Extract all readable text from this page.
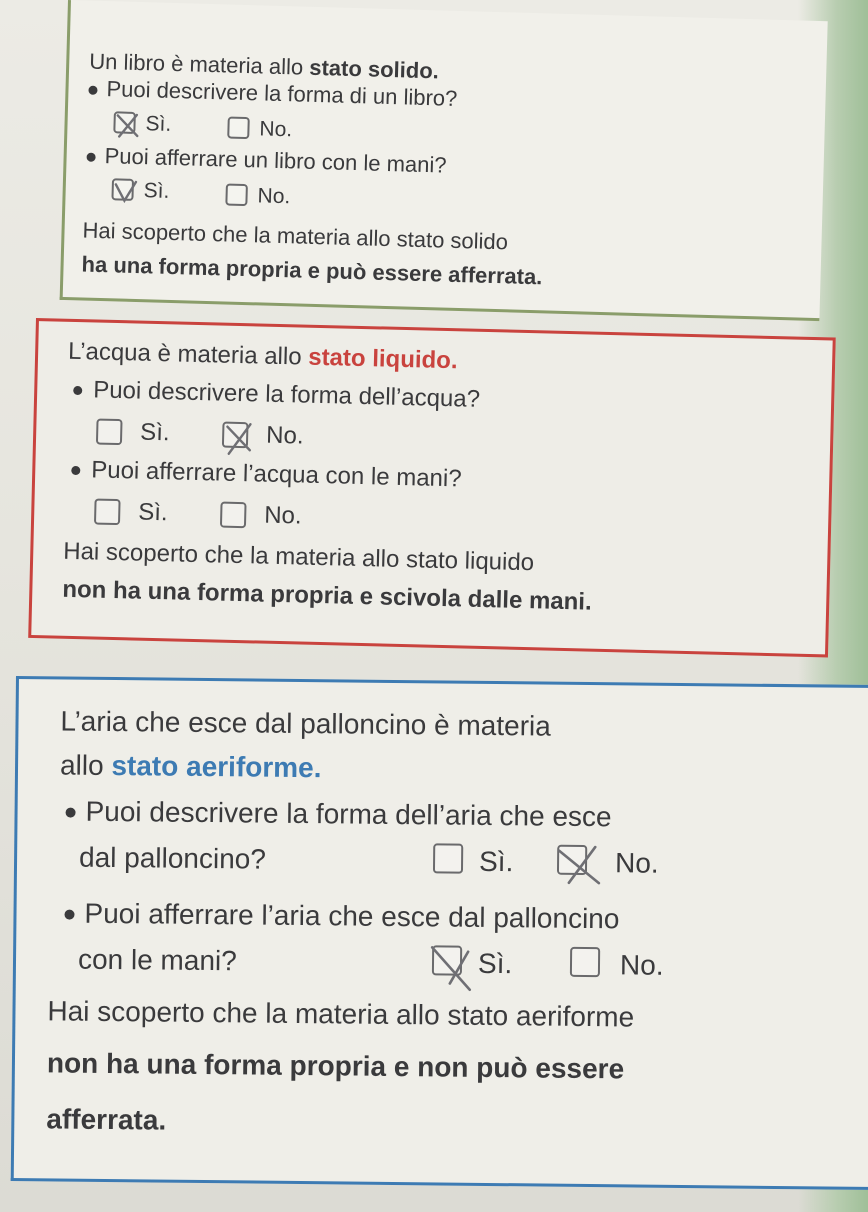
Un libro è materia allo stato solido.
Puoi descrivere la forma di un libro?
Sì.	No.
Puoi afferrare un libro con le mani?
Sì.	No.
Hai scoperto che la materia allo stato solido
ha una forma propria e può essere afferrata.
L’acqua è materia allo stato liquido.
Puoi descrivere la forma dell’acqua?
Sì.	No.
Puoi afferrare l’acqua con le mani?
Sì.	No.
Hai scoperto che la materia allo stato liquido
non ha una forma propria e scivola dalle mani.
L’aria che esce dal palloncino è materia
allo stato aeriforme.
Puoi descrivere la forma dell’aria che esce
dal palloncino?	Sì.	No.
Puoi afferrare l’aria che esce dal palloncino
con le mani?	Sì.	No.
Hai scoperto che la materia allo stato aeriforme
non ha una forma propria e non può essere
afferrata.
